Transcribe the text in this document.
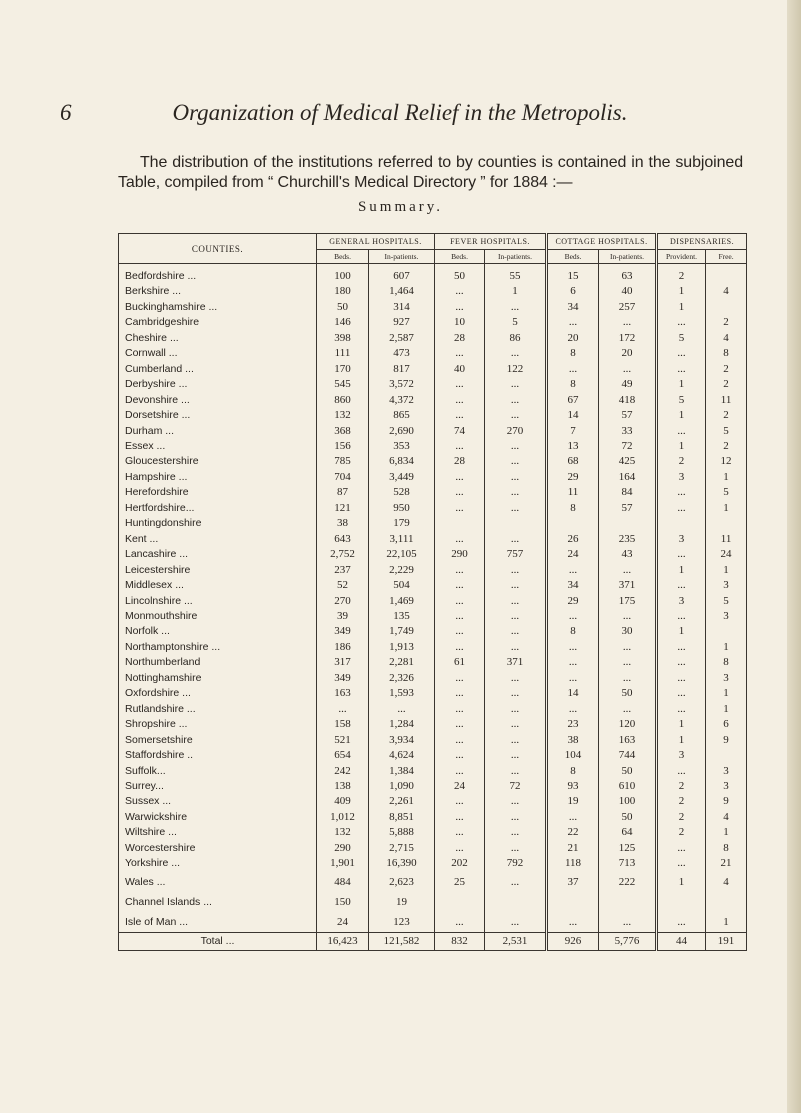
6	Organization of Medical Relief in the Metropolis.

The distribution of the institutions referred to by counties is contained in the subjoined Table, compiled from “ Churchill's Medical Directory ” for 1884 :—

Summary.
COUNTIES.	GENERAL HOSPITALS.		FEVER HOSPITALS.		COTTAGE HOSPITALS.		DISPENSARIES.	
	Beds.	In-patients.	Beds.	In-patients.	Beds.	In-patients.	Provident.	Free.
Bedfordshire ...	100	607	50	55	15	63	2	
Berkshire ...	180	1,464	...	1	6	40	1	4
Buckinghamshire ...	50	314	...	...	34	257	1	
Cambridgeshire	146	927	10	5	...	...	...	2
Cheshire ...	398	2,587	28	86	20	172	5	4
Cornwall ...	111	473	...	...	8	20	...	8
Cumberland ...	170	817	40	122	...	...	...	2
Derbyshire ...	545	3,572	...	...	8	49	1	2
Devonshire ...	860	4,372	...	...	67	418	5	11
Dorsetshire ...	132	865	...	...	14	57	1	2
Durham ...	368	2,690	74	270	7	33	...	5
Essex ...	156	353	...	...	13	72	1	2
Gloucestershire	785	6,834	28	...	68	425	2	12
Hampshire ...	704	3,449	...	...	29	164	3	1
Herefordshire	87	528	...	...	11	84	...	5
Hertfordshire...	121	950	...	...	8	57	...	1
Huntingdonshire	38	179						
Kent ...	643	3,111	...	...	26	235	3	11
Lancashire ...	2,752	22,105	290	757	24	43	...	24
Leicestershire	237	2,229	...	...	...	...	1	1
Middlesex ...	52	504	...	...	34	371	...	3
Lincolnshire ...	270	1,469	...	...	29	175	3	5
Monmouthshire	39	135	...	...	...	...	...	3
Norfolk ...	349	1,749	...	...	8	30	1	
Northamptonshire ...	186	1,913	...	...	...	...	...	1
Northumberland	317	2,281	61	371	...	...	...	8
Nottinghamshire	349	2,326	...	...	...	...	...	3
Oxfordshire ...	163	1,593	...	...	14	50	...	1
Rutlandshire ...	...	...	...	...	...	...	...	1
Shropshire ...	158	1,284	...	...	23	120	1	6
Somersetshire	521	3,934	...	...	38	163	1	9
Staffordshire ..	654	4,624	...	...	104	744	3	
Suffolk...	242	1,384	...	...	8	50	...	3
Surrey...	138	1,090	24	72	93	610	2	3
Sussex ...	409	2,261	...	...	19	100	2	9
Warwickshire	1,012	8,851	...	...	...	50	2	4
Wiltshire ...	132	5,888	...	...	22	64	2	1
Worcestershire	290	2,715	...	...	21	125	...	8
Yorkshire ...	1,901	16,390	202	792	118	713	...	21
Wales ...	484	2,623	25	...	37	222	1	4
Channel Islands ...	150	19						
Isle of Man ...	24	123	...	...	...	...	...	1
Total ...	16,423	121,582	832	2,531	926	5,776	44	191
